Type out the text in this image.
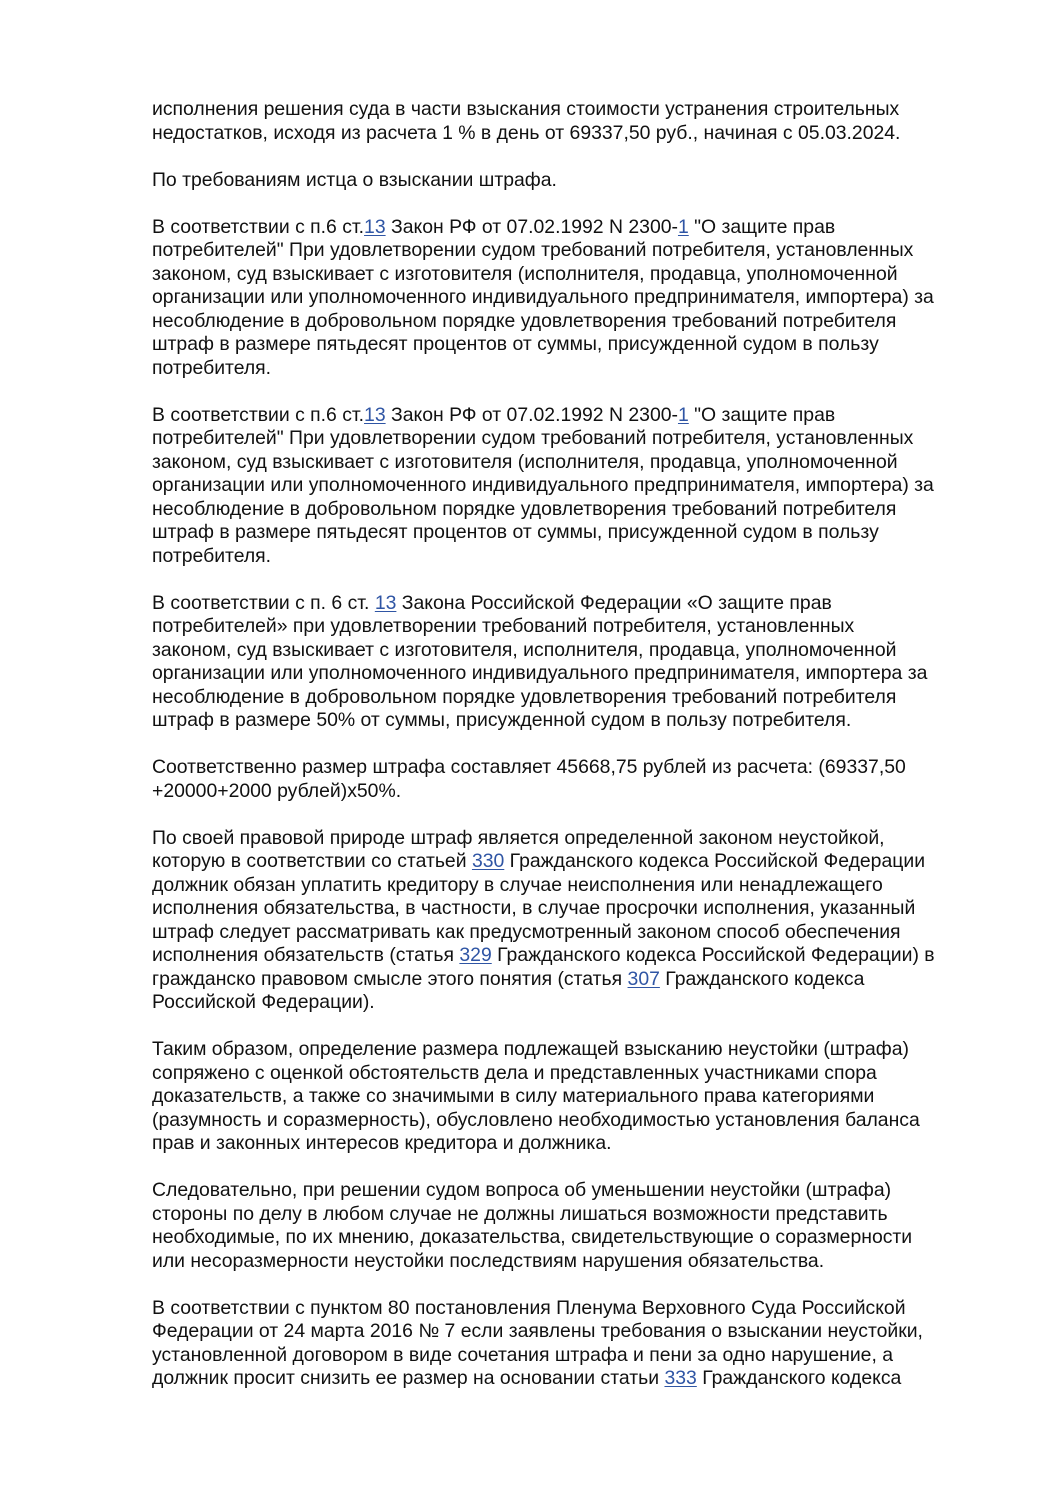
исполнения решения суда в части взыскания стоимости устранения строительных
недостатков, исходя из расчета 1 % в день от 69337,50 руб., начиная с 05.03.2024.
По требованиям истца о взыскании штрафа.
В соответствии с п.6 ст.13 Закон РФ от 07.02.1992 N 2300-1 "О защите прав
потребителей" При удовлетворении судом требований потребителя, установленных
законом, суд взыскивает с изготовителя (исполнителя, продавца, уполномоченной
организации или уполномоченного индивидуального предпринимателя, импортера) за
несоблюдение в добровольном порядке удовлетворения требований потребителя
штраф в размере пятьдесят процентов от суммы, присужденной судом в пользу
потребителя.
В соответствии с п.6 ст.13 Закон РФ от 07.02.1992 N 2300-1 "О защите прав
потребителей" При удовлетворении судом требований потребителя, установленных
законом, суд взыскивает с изготовителя (исполнителя, продавца, уполномоченной
организации или уполномоченного индивидуального предпринимателя, импортера) за
несоблюдение в добровольном порядке удовлетворения требований потребителя
штраф в размере пятьдесят процентов от суммы, присужденной судом в пользу
потребителя.
В соответствии с п. 6 ст. 13 Закона Российской Федерации «О защите прав
потребителей» при удовлетворении требований потребителя, установленных
законом, суд взыскивает с изготовителя, исполнителя, продавца, уполномоченной
организации или уполномоченного индивидуального предпринимателя, импортера за
несоблюдение в добровольном порядке удовлетворения требований потребителя
штраф в размере 50% от суммы, присужденной судом в пользу потребителя.
Соответственно размер штрафа составляет 45668,75 рублей из расчета: (69337,50
+20000+2000 рублей)х50%.
По своей правовой природе штраф является определенной законом неустойкой,
которую в соответствии со статьей 330 Гражданского кодекса Российской Федерации
должник обязан уплатить кредитору в случае неисполнения или ненадлежащего
исполнения обязательства, в частности, в случае просрочки исполнения, указанный
штраф следует рассматривать как предусмотренный законом способ обеспечения
исполнения обязательств (статья 329 Гражданского кодекса Российской Федерации) в
гражданско правовом смысле этого понятия (статья 307 Гражданского кодекса
Российской Федерации).
Таким образом, определение размера подлежащей взысканию неустойки (штрафа)
сопряжено с оценкой обстоятельств дела и представленных участниками спора
доказательств, а также со значимыми в силу материального права категориями
(разумность и соразмерность), обусловлено необходимостью установления баланса
прав и законных интересов кредитора и должника.
Следовательно, при решении судом вопроса об уменьшении неустойки (штрафа)
стороны по делу в любом случае не должны лишаться возможности представить
необходимые, по их мнению, доказательства, свидетельствующие о соразмерности
или несоразмерности неустойки последствиям нарушения обязательства.
В соответствии с пунктом 80 постановления Пленума Верховного Суда Российской
Федерации от 24 марта 2016 № 7 если заявлены требования о взыскании неустойки,
установленной договором в виде сочетания штрафа и пени за одно нарушение, а
должник просит снизить ее размер на основании статьи 333 Гражданского кодекса
